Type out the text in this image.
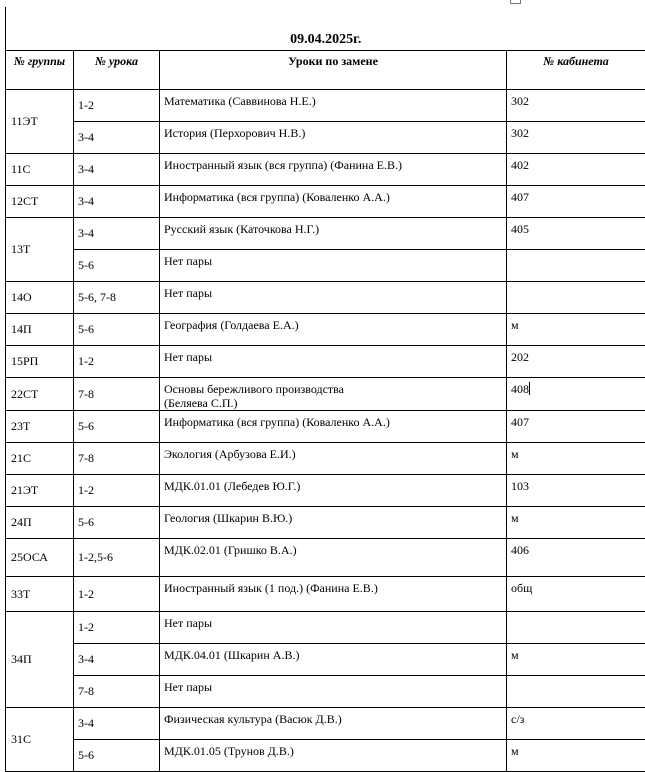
09.04.2025г.			
№ группы	№ урока	Уроки по замене	№ кабинета
11ЭТ	1-2	Математика (Саввинова Н.Е.)	302
	3-4	История (Перхорович Н.В.)	302
11С	3-4	Иностранный язык (вся группа) (Фанина Е.В.)	402
12СТ	3-4	Информатика (вся группа) (Коваленко А.А.)	407
13Т	3-4	Русский язык (Каточкова Н.Г.)	405
	5-6	Нет пары	
14О	5-6, 7-8	Нет пары	
14П	5-6	География (Голдаева Е.А.)	м
15РП	1-2	Нет пары	202
22СТ	7-8	Основы бережливого производства
(Беляева С.П.)	408
23Т	5-6	Информатика (вся группа) (Коваленко А.А.)	407
21С	7-8	Экология (Арбузова Е.И.)	м
21ЭТ	1-2	МДК.01.01 (Лебедев Ю.Г.)	103
24П	5-6	Геология (Шкарин В.Ю.)	м
25ОСА	1-2,5-6	МДК.02.01 (Гришко В.А.)	406
33Т	1-2	Иностранный язык (1 под.) (Фанина Е.В.)	общ
34П	1-2	Нет пары	
	3-4	МДК.04.01 (Шкарин А.В.)	м
	7-8	Нет пары	
31С	3-4	Физическая культура (Васюк Д.В.)	с/з
	5-6	МДК.01.05 (Трунов Д.В.)	м
